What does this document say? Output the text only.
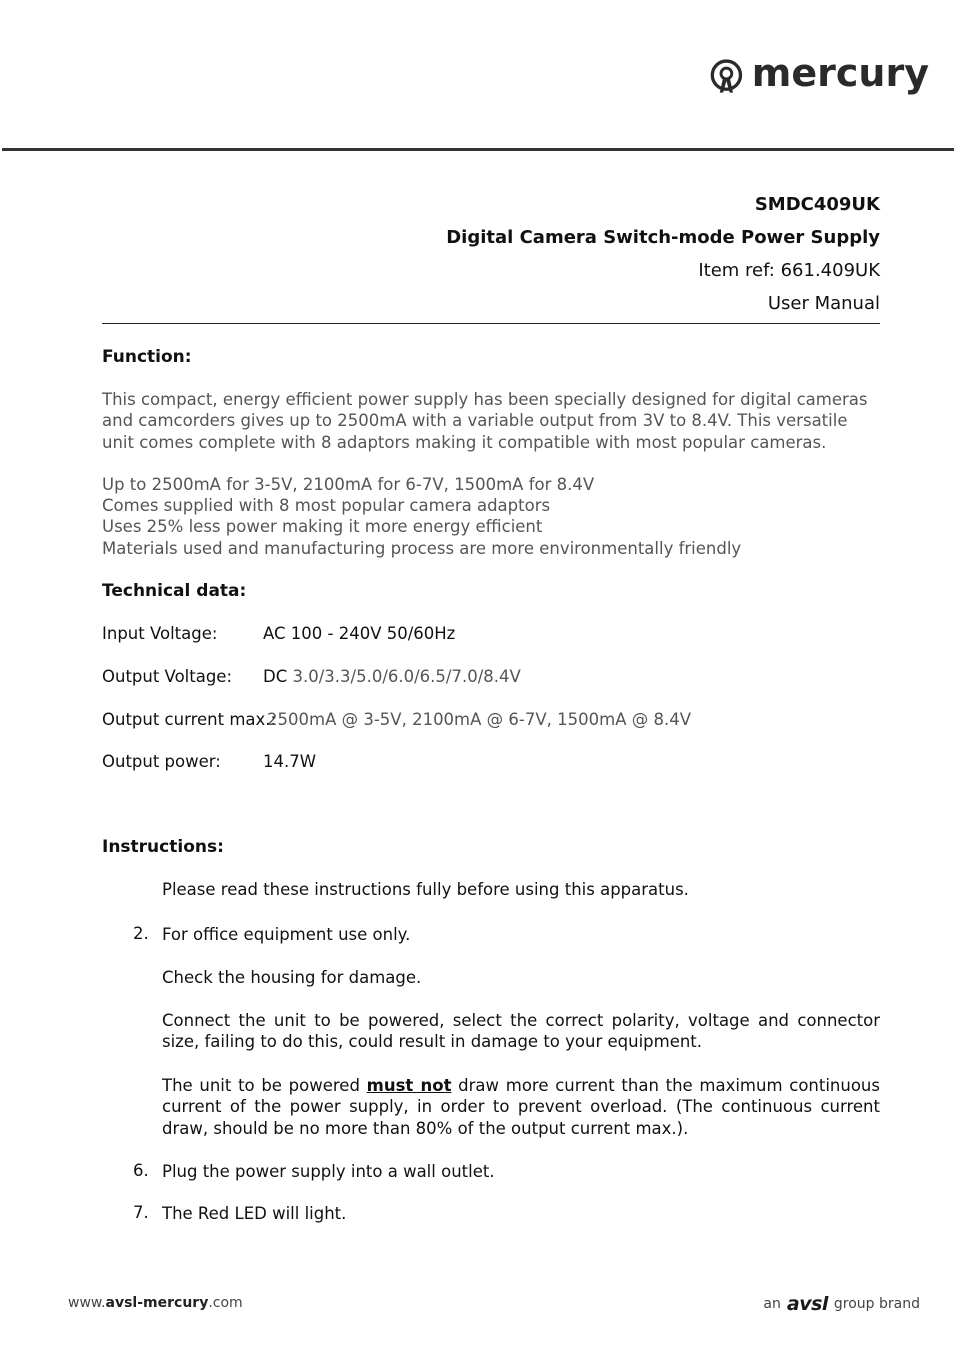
mercury
SMDC409UK
Digital Camera Switch-mode Power Supply
Item ref: 661.409UK
User Manual
Function:
This compact, energy efficient power supply has been specially designed for digital cameras and camcorders gives up to 2500mA with a variable output from 3V to 8.4V. This versatile unit comes complete with 8 adaptors making it compatible with most popular cameras.
Up to 2500mA for 3-5V, 2100mA for 6-7V, 1500mA for 8.4V
Comes supplied with 8 most popular camera adaptors
Uses 25% less power making it more energy efficient
Materials used and manufacturing process are more environmentally friendly
Technical data:
Input Voltage:	AC 100 - 240V 50/60Hz
Output Voltage: DC 3.0/3.3/5.0/6.0/6.5/7.0/8.4V
Output current max.:
2500mA @ 3-5V, 2100mA @ 6-7V, 1500mA @ 8.4V
Output power:	14.7W
Instructions:
Please read these instructions fully before using this apparatus.
2. For office equipment use only.
Check the housing for damage.
Connect the unit to be powered, select the correct polarity, voltage and connector size, failing to do this, could result in damage to your equipment.
The unit to be powered must not draw more current than the maximum continuous current of the power supply, in order to prevent overload. (The continuous current draw, should be no more than 80% of the output current max.).
6. Plug the power supply into a wall outlet.
7. The Red LED will light.
www.avsl-mercury.com	an avsl group brand
